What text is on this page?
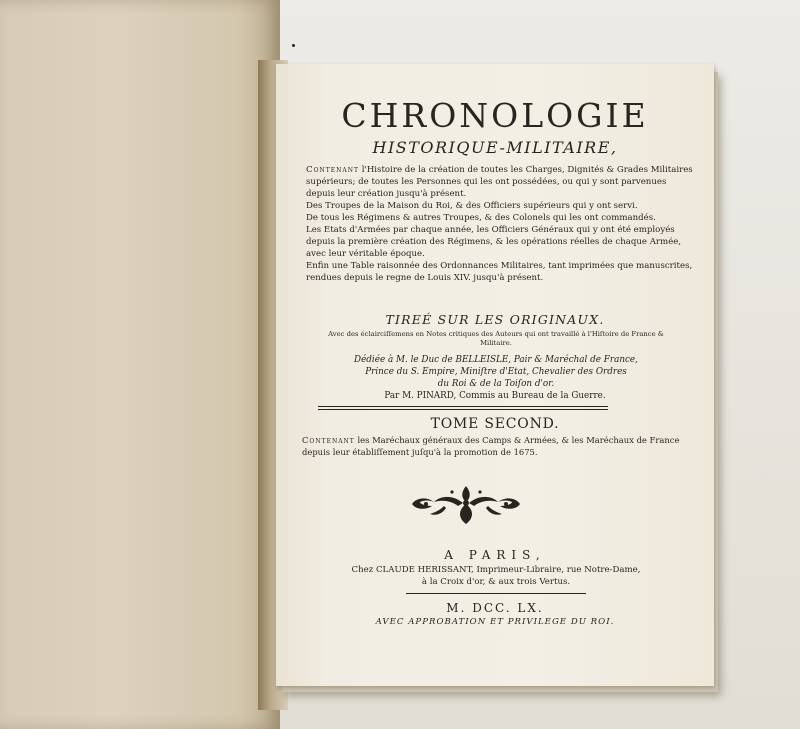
CHRONOLOGIE
HISTORIQUE-MILITAIRE,

Contenant l'Histoire de la création de toutes les Charges, Dignités & Grades Militaires supérieurs; de toutes les Personnes qui les ont possédées, ou qui y sont parvenues depuis leur création jusqu'à présent.

Des Troupes de la Maison du Roi, & des Officiers supérieurs qui y ont servi.

De tous les Régimens & autres Troupes, & des Colonels qui les ont commandés.

Les Etats d'Armées par chaque année, les Officiers Généraux qui y ont été employés depuis la première création des Régimens, & les opérations réelles de chaque Armée, avec leur véritable époque.

Enfin une Table raisonnée des Ordonnances Militaires, tant imprimées que manuscrites, rendues depuis le regne de Louis XIV. jusqu'à présent.

TIREÉ SUR LES ORIGINAUX.
Avec des éclairciſſemens en Notes critiques des Auteurs qui ont travaillé à l'Hiſtoire de France & Militaire.
Dédiée à M. le Duc de BELLEISLE, Pair & Maréchal de France,
Prince du S. Empire, Miniſtre d'Etat, Chevalier des Ordres
du Roi & de la Toiſon d'or.
Par M. PINARD, Commis au Bureau de la Guerre.
TOME SECOND.
Contenant les Maréchaux généraux des Camps & Armées, & les Maréchaux de France depuis leur établiſſement juſqu'à la promotion de 1675.
A PARIS,
Chez CLAUDE HERISSANT, Imprimeur-Libraire, rue Notre-Dame,
à la Croix d'or, & aux trois Vertus.
M. DCC. LX.
AVEC APPROBATION ET PRIVILEGE DU ROI.
